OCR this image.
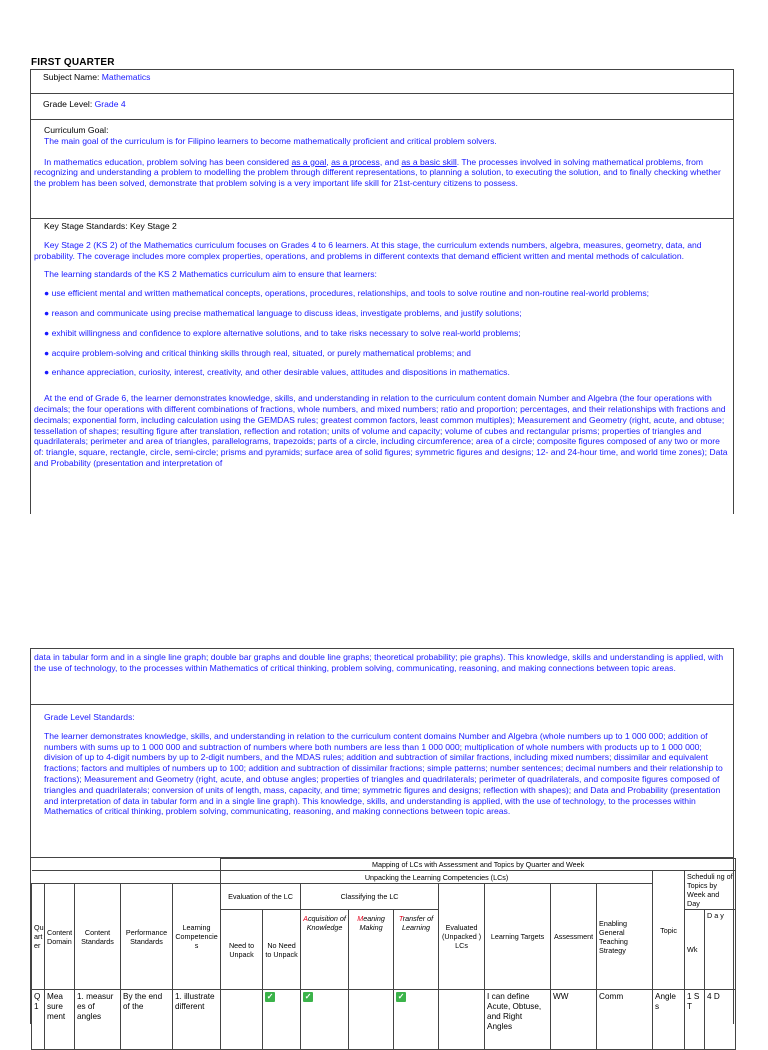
FIRST QUARTER
Subject Name: Mathematics
Grade Level: Grade 4
Curriculum Goal:
The main goal of the curriculum is for Filipino learners to become mathematically proficient and critical problem solvers.

In mathematics education, problem solving has been considered as a goal, as a process, and as a basic skill. The processes involved in solving mathematical problems, from recognizing and understanding a problem to modelling the problem through different representations, to planning a solution, to executing the solution, and to finally checking whether the problem has been solved, demonstrate that problem solving is a very important life skill for 21st-century citizens to possess.

Key Stage Standards: Key Stage 2

Key Stage 2 (KS 2) of the Mathematics curriculum focuses on Grades 4 to 6 learners. At this stage, the curriculum extends numbers, algebra, measures, geometry, data, and probability. The coverage includes more complex properties, operations, and problems in different contexts that demand efficient written and mental methods of calculation.

The learning standards of the KS 2 Mathematics curriculum aim to ensure that learners:
● use efficient mental and written mathematical concepts, operations, procedures, relationships, and tools to solve routine and non-routine real-world problems;
● reason and communicate using precise mathematical language to discuss ideas, investigate problems, and justify solutions;
● exhibit willingness and confidence to explore alternative solutions, and to take risks necessary to solve real-world problems;
● acquire problem-solving and critical thinking skills through real, situated, or purely mathematical problems; and
● enhance appreciation, curiosity, interest, creativity, and other desirable values, attitudes and dispositions in mathematics.

At the end of Grade 6, the learner demonstrates knowledge, skills, and understanding in relation to the curriculum content domain Number and Algebra (the four operations with decimals; the four operations with different combinations of fractions, whole numbers, and mixed numbers; ratio and proportion; percentages, and their relationships with fractions and decimals; exponential form, including calculation using the GEMDAS rules; greatest common factors, least common multiples); Measurement and Geometry (right, acute, and obtuse; tessellation of shapes; resulting figure after translation, reflection and rotation; units of volume and capacity; volume of cubes and rectangular prisms; properties of triangles and quadrilaterals; perimeter and area of triangles, parallelograms, trapezoids; parts of a circle, including circumference; area of a circle; composite figures composed of any two or more of: triangle, square, rectangle, circle, semi-circle; prisms and pyramids; surface area of solid figures; symmetric figures and designs; 12- and 24-hour time, and world time zones); Data and Probability (presentation and interpretation of

data in tabular form and in a single line graph; double bar graphs and double line graphs; theoretical probability; pie graphs). This knowledge, skills and understanding is applied, with the use of technology, to the processes within Mathematics of critical thinking, problem solving, communicating, reasoning, and making connections between topic areas.
Grade Level Standards:

The learner demonstrates knowledge, skills, and understanding in relation to the curriculum content domains Number and Algebra (whole numbers up to 1 000 000; addition of numbers with sums up to 1 000 000 and subtraction of numbers where both numbers are less than 1 000 000; multiplication of whole numbers with products up to 1 000 000; division of up to 4-digit numbers by up to 2-digit numbers, and the MDAS rules; addition and subtraction of similar fractions, including mixed numbers; dissimilar and equivalent fractions; factors and multiples of numbers up to 100; addition and subtraction of dissimilar fractions; simple patterns; number sentences; decimal numbers and their relationship to fractions); Measurement and Geometry (right, acute, and obtuse angles; properties of triangles and quadrilaterals; perimeter of quadrilaterals, and composite figures composed of triangles and quadrilaterals; conversion of units of length, mass, capacity, and time; symmetric figures and designs; reflection with shapes); and Data and Probability (presentation and interpretation of data in tabular form and in a single line graph). This knowledge, skills, and understanding is applied, with the use of technology, to the processes within Mathematics of critical thinking, problem solving, communicating, reasoning, and making connections between topic areas.

					Mapping of LCs with Assessment and Topics by Quarter and Week											
					Unpacking the Learning Competencies (LCs)									Topic	Scheduli ng of Topics by Week and Day	
Qu art er	Content Domain	Content Standards	Performance Standards	Learning Competencie s	Evaluation of the LC		Classifying the LC			Evaluated (Unpacked ) LCs	Learning Targets	Assessment	Enabling General Teaching Strategy			
					Need to Unpack	No Need to Unpack	Acquisition of Knowledge	Meaning Making	Transfer of Learning						Wk	D a y
Q 1	Mea sure ment	1. measur es of angles	By the end of the	1. illustrate different		✓	✓		✓		I can define Acute, Obtuse, and Right Angles	WW	Comm	Angle s	1 S T	4 D
